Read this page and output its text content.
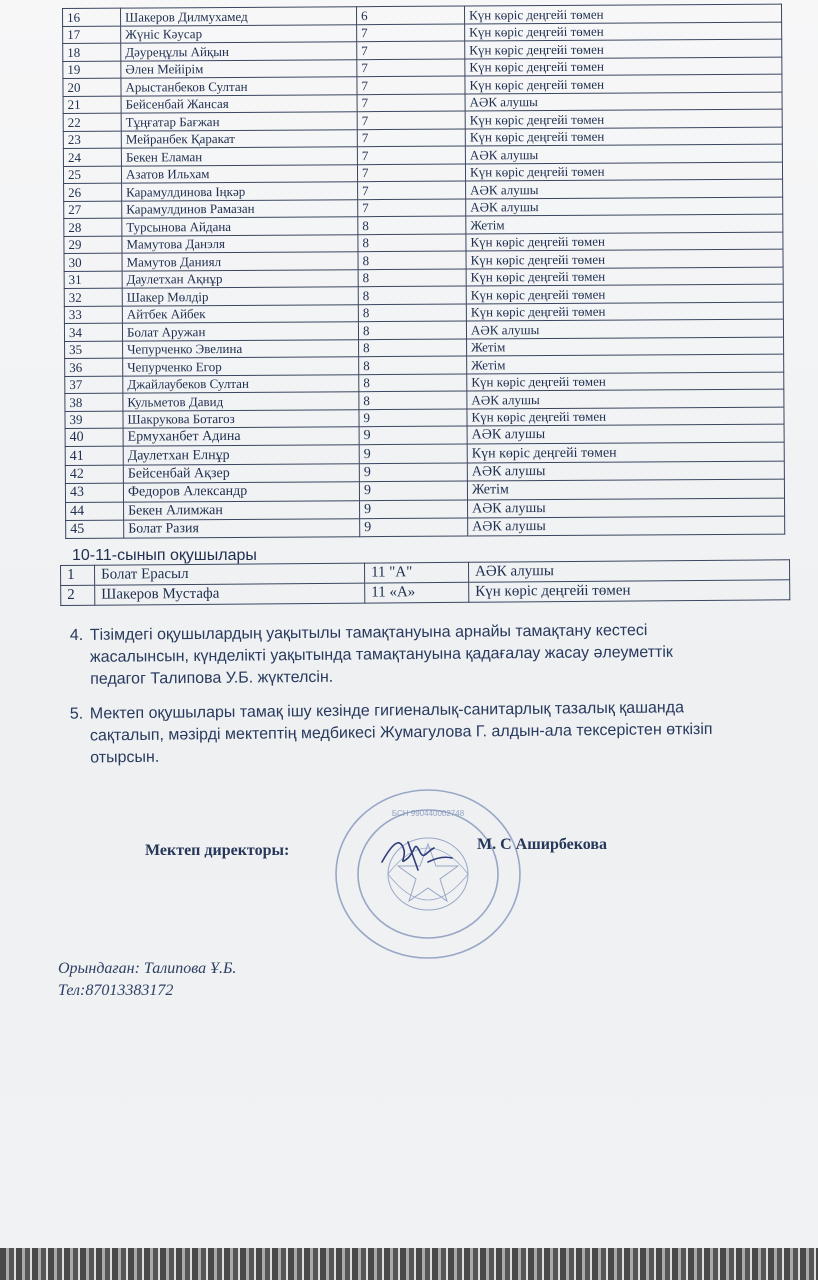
16	Шакеров Дилмухамед	6	Күн көріс деңгейі төмен
17	Жүніс Кәусар	7	Күн көріс деңгейі төмен
18	Дәуреңұлы Айқын	7	Күн көріс деңгейі төмен
19	Әлен Мейірім	7	Күн көріс деңгейі төмен
20	Арыстанбеков Султан	7	Күн көріс деңгейі төмен
21	Бейсенбай Жансая	7	АӘК алушы
22	Тұңғатар Бағжан	7	Күн көріс деңгейі төмен
23	Мейранбек Қаракат	7	Күн көріс деңгейі төмен
24	Бекен Еламан	7	АӘК алушы
25	Азатов Ильхам	7	Күн көріс деңгейі төмен
26	Карамулдинова Іңкәр	7	АӘК алушы
27	Карамулдинов Рамазан	7	АӘК алушы
28	Турсынова Айдана	8	Жетім
29	Мамутова Данэля	8	Күн көріс деңгейі төмен
30	Мамутов Даниял	8	Күн көріс деңгейі төмен
31	Даулетхан Ақнұр	8	Күн көріс деңгейі төмен
32	Шакер Мөлдір	8	Күн көріс деңгейі төмен
33	Айтбек Айбек	8	Күн көріс деңгейі төмен
34	Болат Аружан	8	АӘК алушы
35	Чепурченко Эвелина	8	Жетім
36	Чепурченко Егор	8	Жетім
37	Джайлаубеков Султан	8	Күн көріс деңгейі төмен
38	Кульметов Давид	8	АӘК алушы
39	Шакрукова Ботагоз	9	Күн көріс деңгейі төмен
40	Ермуханбет Адина	9	АӘК алушы
41	Даулетхан Елнұр	9	Күн көріс деңгейі төмен
42	Бейсенбай Ақзер	9	АӘК алушы
43	Федоров Александр	9	Жетім
44	Бекен Алимжан	9	АӘК алушы
45	Болат Разия	9	АӘК алушы
10-11-сынып оқушылары
1	Болат Ерасыл	11 "А"	АӘК алушы
2	Шакеров Мустафа	11 «А»	Күн көріс деңгейі төмен
4. Тізімдегі оқушылардың уақытылы тамақтануына арнайы тамақтану кестесі
жасалынсын, күнделікті уақытында тамақтануына қадағалау жасау әлеуметтік
педагог Талипова У.Б. жүктелсін.
5. Мектеп оқушылары тамақ ішу кезінде гигиеналық-санитарлық тазалық қашанда
сақталып, мәзірді мектептің медбикесі Жумагулова Г. алдын-ала тексерістен өткізіп
отырсын.
БСН 990440002748
Мектеп директоры:	М. С Аширбекова
Орындаған: Талипова Ұ.Б.
Тел:87013383172
